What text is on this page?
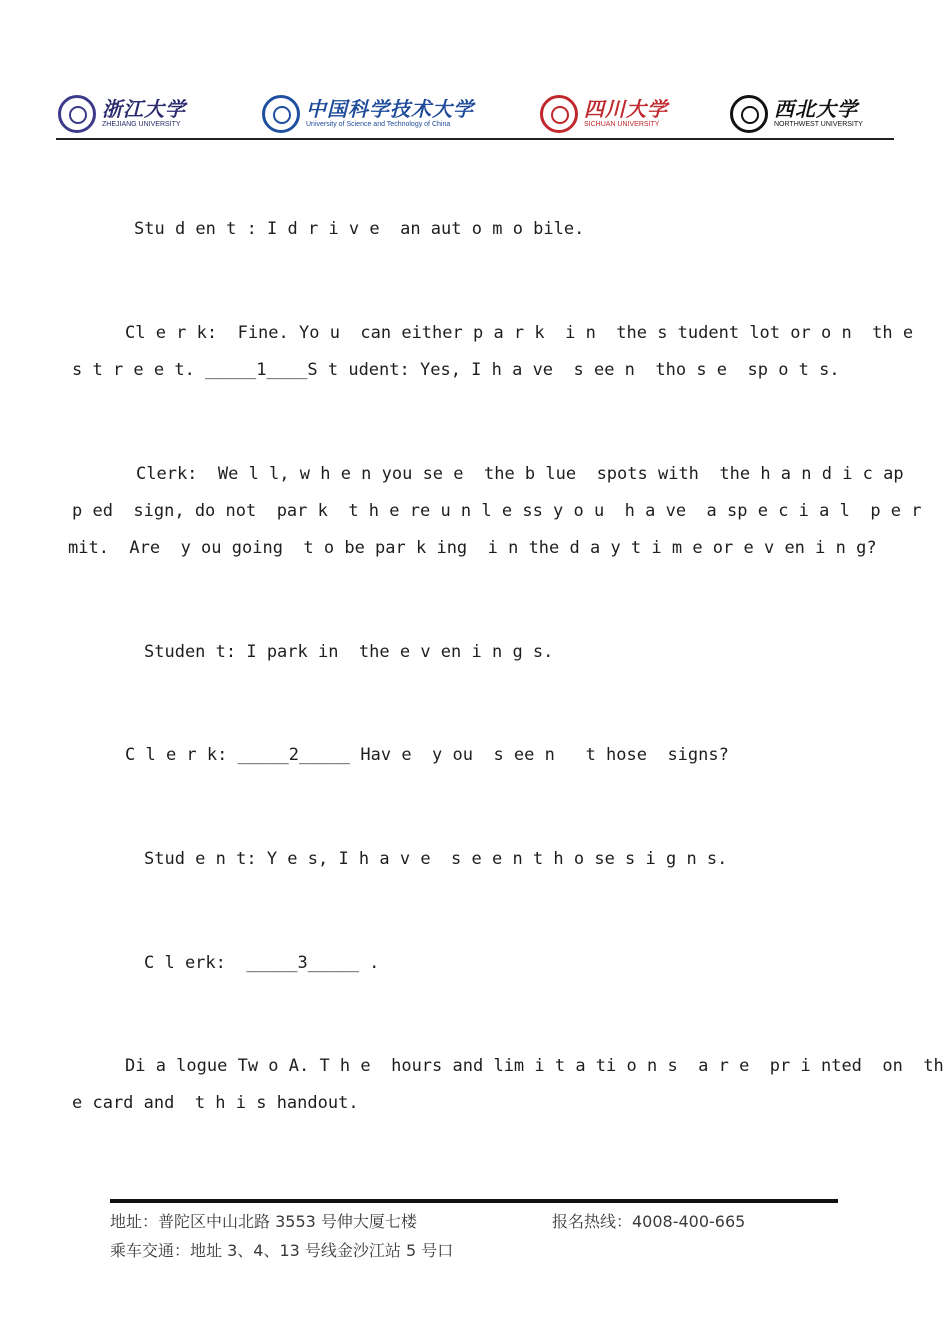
浙江大学
ZHEJIANG UNIVERSITY
中国科学技术大学
University of Science and Technology of China
四川大学
SICHUAN UNIVERSITY
西北大学
NORTHWEST UNIVERSITY
Stu d en t : I d r i v e  an aut o m o bile.
Cl e r k:  Fine. Yo u  can either p a r k  i n  the s tudent lot or o n  th e
s t r e e t. _____1____S t udent: Yes, I h a ve  s ee n  tho s e  sp o t s.
Clerk:  We l l, w h e n you se e  the b lue  spots with  the h a n d i c ap
p ed  sign, do not  par k  t h e re u n l e ss y o u  h a ve  a sp e c i a l  p e r
mit.  Are  y ou going  t o be par k ing  i n the d a y t i m e or e v en i n g?
Studen t: I park in  the e v en i n g s.
C l e r k: _____2_____ Hav e  y ou  s ee n   t hose  signs?
Stud e n t: Y e s, I h a v e  s e e n t h o se s i g n s.
C l erk:  _____3_____ .
Di a logue Tw o A. T h e  hours and lim i t a ti o n s  a r e  pr i nted  on  th
e card and  t h i s handout.
地址：普陀区中山北路 3553 号伸大厦七楼	报名热线：4008-400-665
乘车交通：地址 3、4、13 号线金沙江站 5 号口
